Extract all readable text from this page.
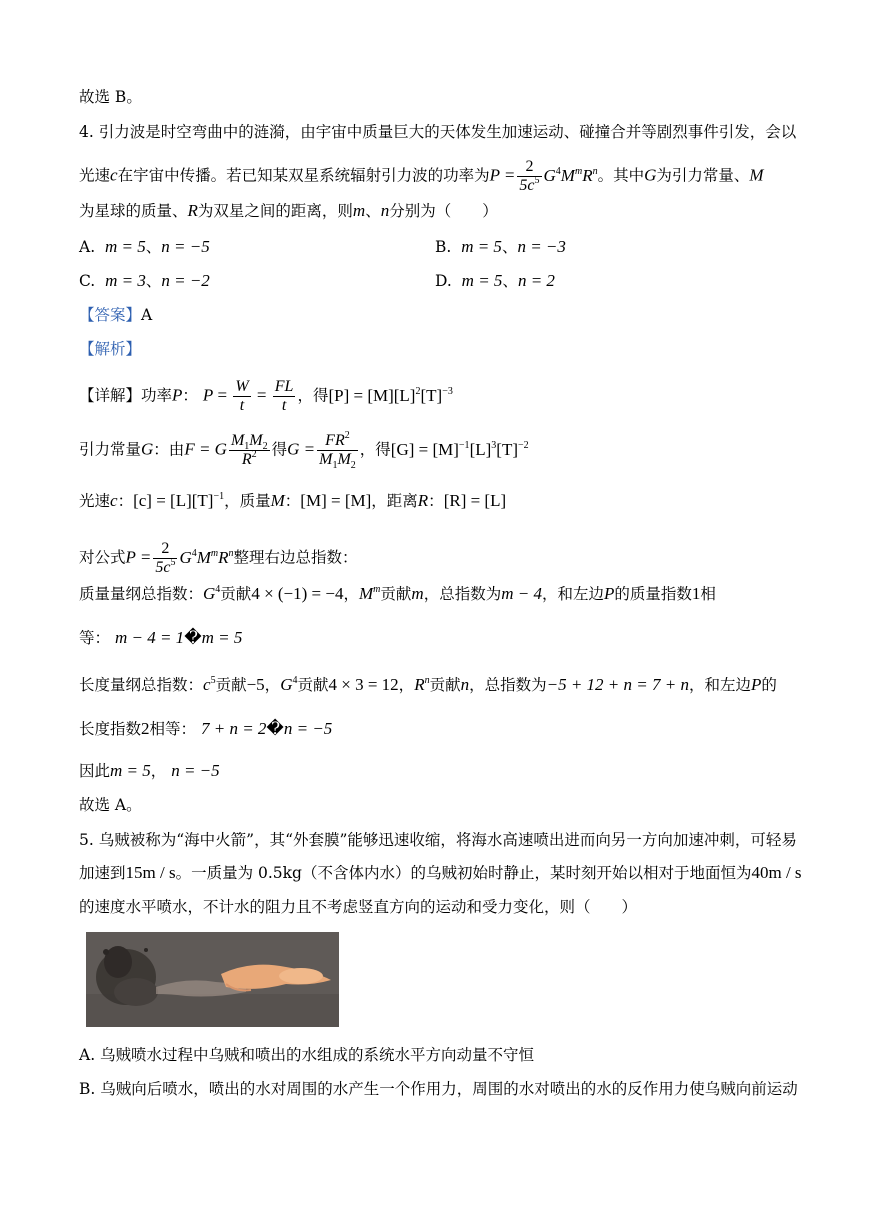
故选 B。
4. 引力波是时空弯曲中的涟漪，由宇宙中质量巨大的天体发生加速运动、碰撞合并等剧烈事件引发，会以
光速c在宇宙中传播。若已知某双星系统辐射引力波的功率为$P = \frac{2}{5c^5} G^4M^mR^n$。其中G为引力常量、M
为星球的质量、R为双星之间的距离，则m、n分别为（　　）
A. m = 5、n = −5	B. m = 5、n = −3
C. m = 3、n = −2	D. m = 5、n = 2
【答案】A
【解析】
【详解】功率P： $P = \frac{W}{t} = \frac{FL}{t}$ ，得$[P] = [M][L]^2[T]^{-3}$
引力常量G：由F = G $\frac{M_1M_2}{R^2}$ 得$G = \frac{FR^2}{M_1M_2}$ ，得$[G] = [M]^{-1}[L]^3[T]^{-2}$
光速c：$[c] = [L][T]^{-1}$，质量M：[M] = [M]，距离R：[R] = [L]
对公式$P = \frac{2}{5c^5} G^4M^mR^n$整理右边总指数：
质量量纲总指数：$G^4$贡献4 × (−1) = −4，$M^m$贡献m，总指数为m − 4，和左边P的质量指数1相
等： m − 4 = 1�m = 5
长度量纲总指数：$c^5$贡献−5，$G^4$贡献4 × 3 = 12，$R^n$贡献n，总指数为−5 + 12 + n = 7 + n，和左边P的
长度指数2相等： 7 + n = 2�n = −5
因此m = 5， n = −5
故选 A。
5. 乌贼被称为“海中火箭”，其“外套膜”能够迅速收缩，将海水高速喷出进而向另一方向加速冲刺，可轻易
加速到15m / s。一质量为 0.5kg（不含体内水）的乌贼初始时静止，某时刻开始以相对于地面恒为40m / s
的速度水平喷水，不计水的阻力且不考虑竖直方向的运动和受力变化，则（　　）
A. 乌贼喷水过程中乌贼和喷出的水组成的系统水平方向动量不守恒
B. 乌贼向后喷水，喷出的水对周围的水产生一个作用力，周围的水对喷出的水的反作用力使乌贼向前运动
